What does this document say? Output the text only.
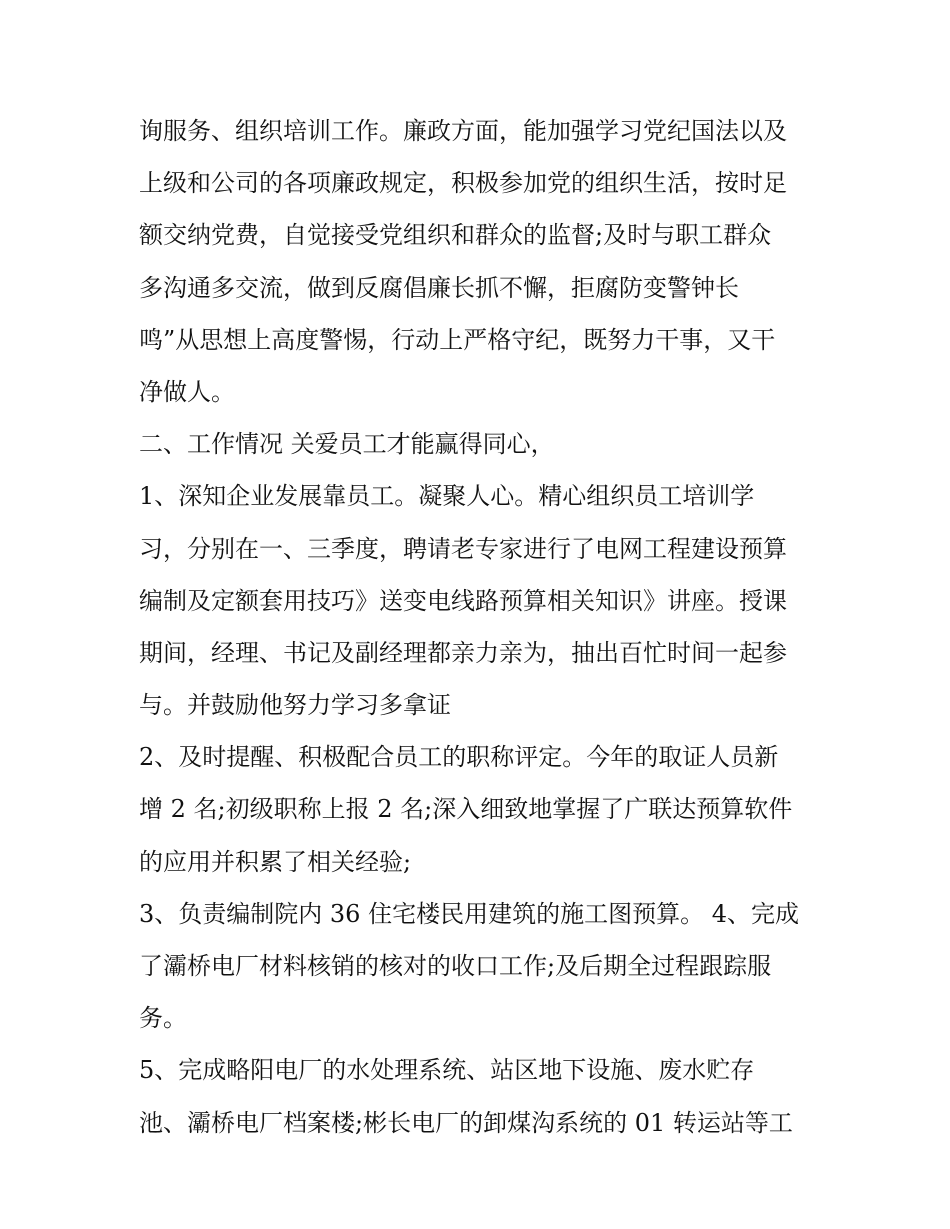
询服务、组织培训工作。廉政方面，能加强学习党纪国法以及

上级和公司的各项廉政规定，积极参加党的组织生活，按时足

额交纳党费，自觉接受党组织和群众的监督;及时与职工群众

多沟通多交流，做到反腐倡廉长抓不懈，拒腐防变警钟长

鸣”从思想上高度警惕，行动上严格守纪，既努力干事，又干

净做人。

二、工作情况 关爱员工才能赢得同心，

1、深知企业发展靠员工。凝聚人心。精心组织员工培训学

习，分别在一、三季度，聘请老专家进行了电网工程建设预算

编制及定额套用技巧》送变电线路预算相关知识》讲座。授课

期间，经理、书记及副经理都亲力亲为，抽出百忙时间一起参

与。并鼓励他努力学习多拿证

2、及时提醒、积极配合员工的职称评定。今年的取证人员新

增 2 名;初级职称上报 2 名;深入细致地掌握了广联达预算软件

的应用并积累了相关经验;

3、负责编制院内 36 住宅楼民用建筑的施工图预算。 4、完成

了灞桥电厂材料核销的核对的收口工作;及后期全过程跟踪服

务。

5、完成略阳电厂的水处理系统、站区地下设施、废水贮存

池、灞桥电厂档案楼;彬长电厂的卸煤沟系统的 01 转运站等工
